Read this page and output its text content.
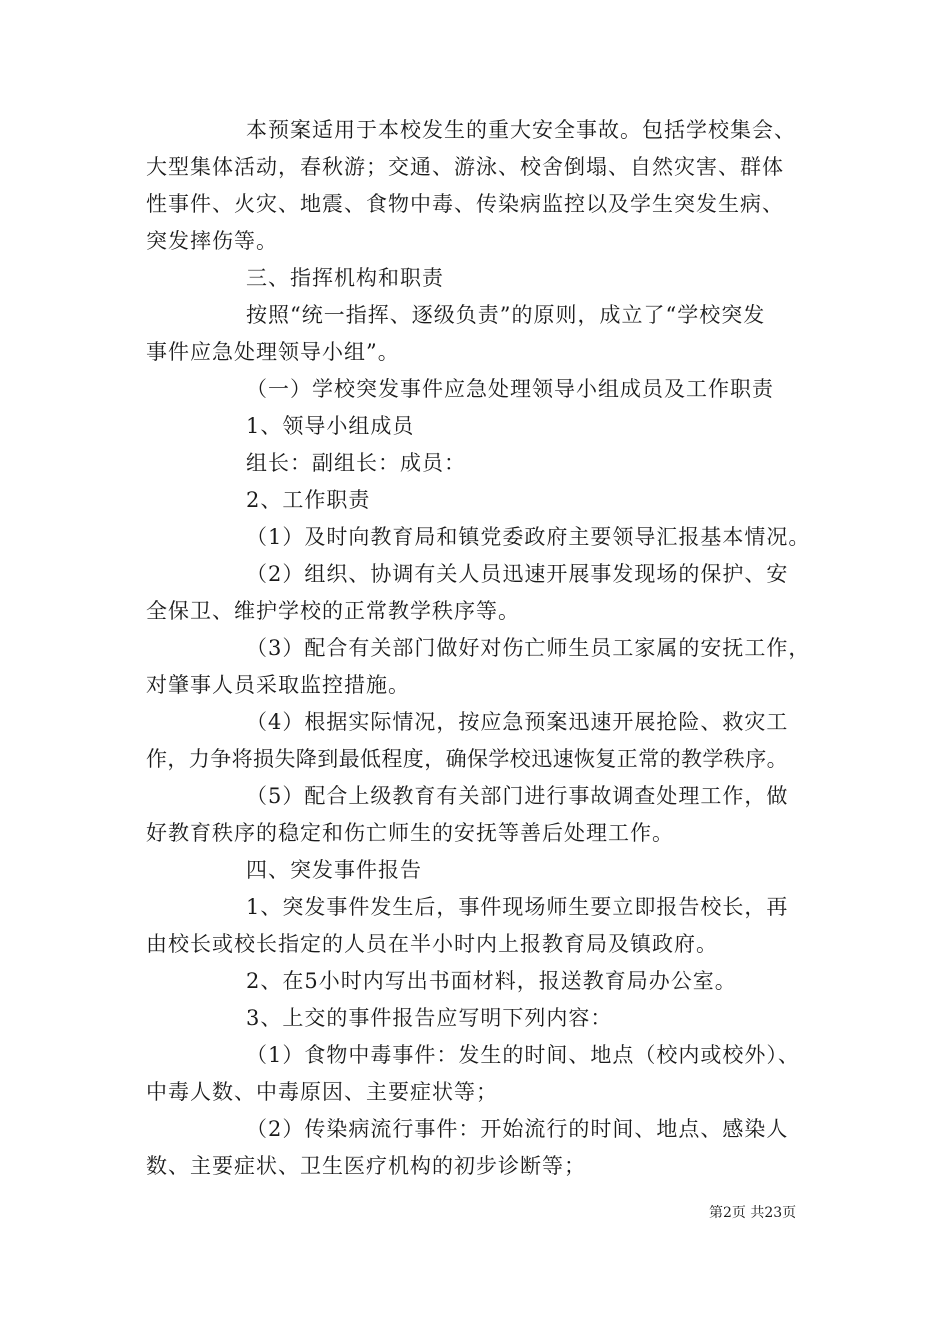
本预案适用于本校发生的重大安全事故。包括学校集会、
大型集体活动，春秋游；交通、游泳、校舍倒塌、自然灾害、群体
性事件、火灾、地震、食物中毒、传染病监控以及学生突发生病、
突发摔伤等。
三、指挥机构和职责
按照“统一指挥、逐级负责”的原则，成立了“学校突发
事件应急处理领导小组”。
（一）学校突发事件应急处理领导小组成员及工作职责
1、领导小组成员
组长：副组长：成员：
2、工作职责
（1）及时向教育局和镇党委政府主要领导汇报基本情况。
（2）组织、协调有关人员迅速开展事发现场的保护、安
全保卫、维护学校的正常教学秩序等。
（3）配合有关部门做好对伤亡师生员工家属的安抚工作，
对肇事人员采取监控措施。
（4）根据实际情况，按应急预案迅速开展抢险、救灾工
作，力争将损失降到最低程度，确保学校迅速恢复正常的教学秩序。
（5）配合上级教育有关部门进行事故调查处理工作，做
好教育秩序的稳定和伤亡师生的安抚等善后处理工作。
四、突发事件报告
1、突发事件发生后，事件现场师生要立即报告校长，再
由校长或校长指定的人员在半小时内上报教育局及镇政府。
2、在5小时内写出书面材料，报送教育局办公室。
3、上交的事件报告应写明下列内容：
（1）食物中毒事件：发生的时间、地点（校内或校外）、
中毒人数、中毒原因、主要症状等；
（2）传染病流行事件：开始流行的时间、地点、感染人
数、主要症状、卫生医疗机构的初步诊断等；
第2页 共23页
